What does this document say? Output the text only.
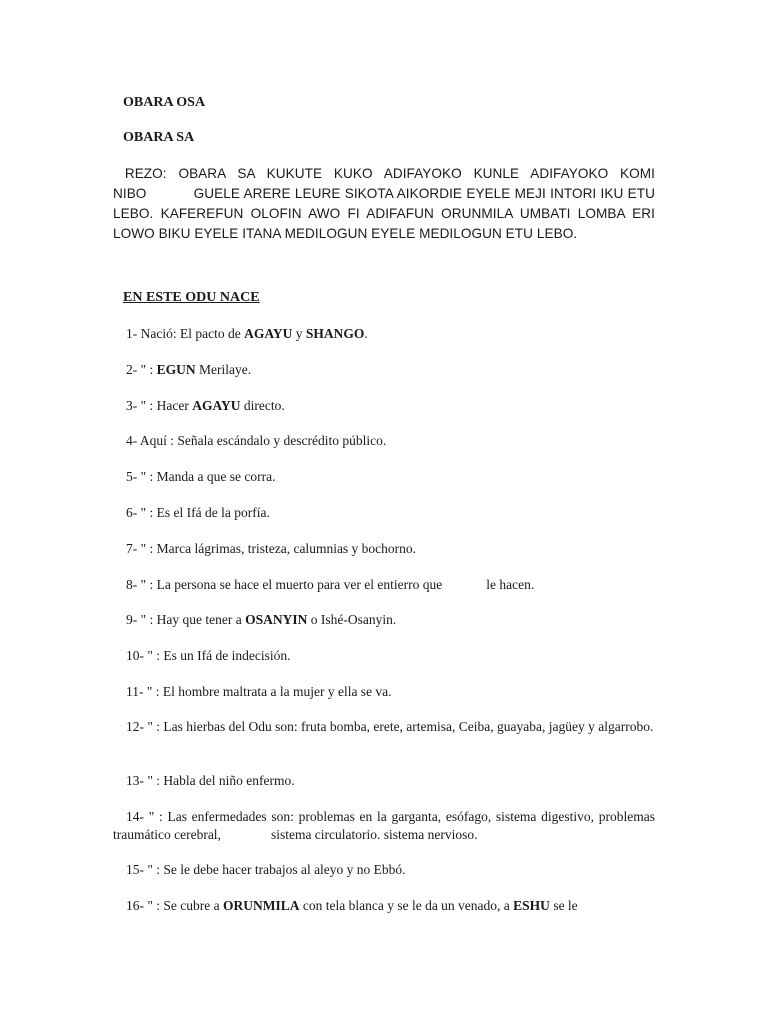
OBARA OSA

OBARA SA

REZO: OBARA SA KUKUTE KUKO ADIFAYOKO KUNLE ADIFAYOKO KOMI NIBO	GUELE ARERE LEURE SIKOTA AIKORDIE EYELE MEJI INTORI IKU ETU LEBO. KAFEREFUN OLOFIN AWO FI ADIFAFUN ORUNMILA UMBATI LOMBA ERI LOWO BIKU EYELE ITANA MEDILOGUN EYELE MEDILOGUN ETU LEBO.

EN ESTE ODU NACE

1- Nació: El pacto de AGAYU y SHANGO.

2- " : EGUN Merilaye.

3- " : Hacer AGAYU directo.

4- Aquí : Señala escándalo y descrédito público.

5- " : Manda a que se corra.

6- " : Es el Ifá de la porfía.

7- " : Marca lágrimas, tristeza, calumnias y bochorno.

8- " : La persona se hace el muerto para ver el entierro que	le hacen.

9- " : Hay que tener a OSANYIN o Ishé-Osanyin.

10- " : Es un Ifá de indecisión.

11- " : El hombre maltrata a la mujer y ella se va.

12- " : Las hierbas del Odu son: fruta bomba, erete, artemisa, Ceiba, guayaba, jagüey y algarrobo.

13- " : Habla del niño enfermo.

14- " : Las enfermedades son: problemas en la garganta, esófago, sistema digestivo, problemas traumático cerebral,	sistema circulatorio. sistema nervioso.

15- " : Se le debe hacer trabajos al aleyo y no Ebbó.

16- " : Se cubre a ORUNMILA con tela blanca y se le da un venado, a ESHU se le
